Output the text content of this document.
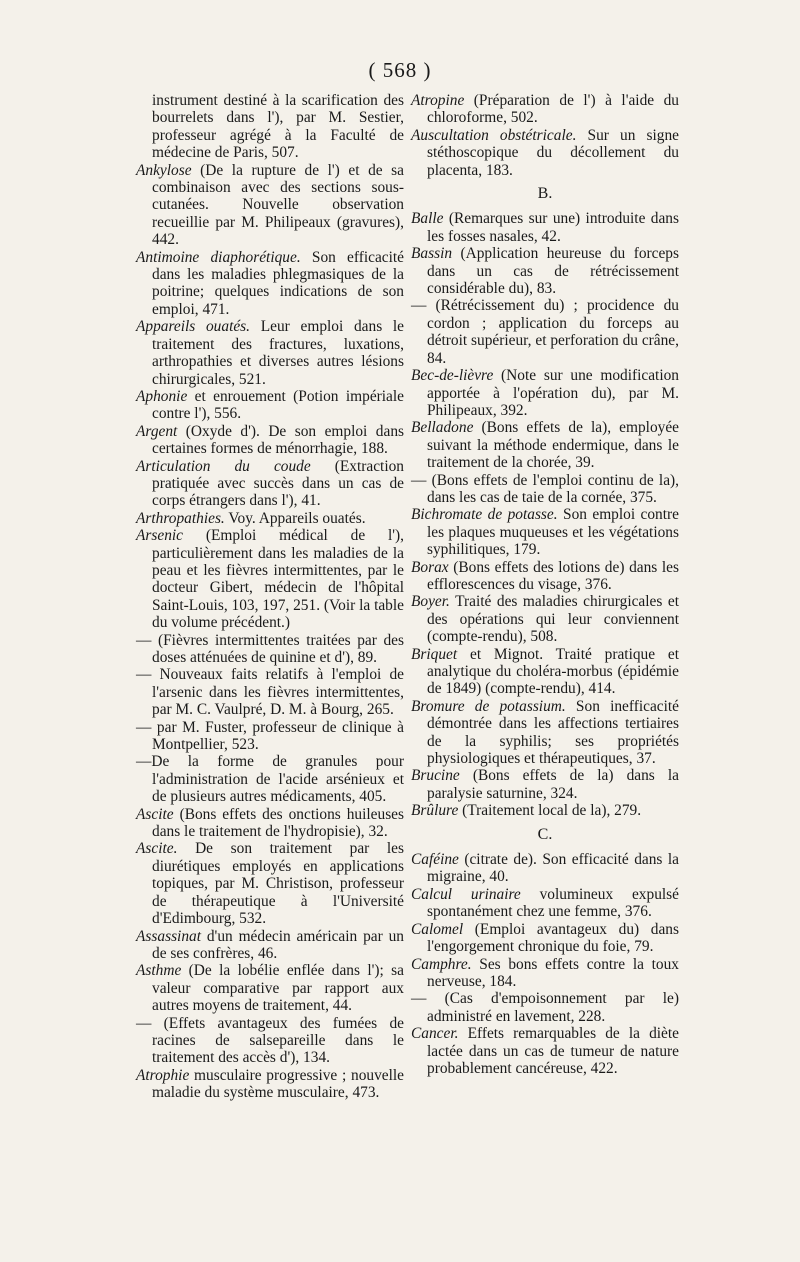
( 568 )
instrument destiné à la scarification des bourrelets dans l'), par M. Sestier, professeur agrégé à la Faculté de médecine de Paris, 507.
Ankylose (De la rupture de l') et de sa combinaison avec des sections sous-cutanées. Nouvelle observation recueillie par M. Philipeaux (gravures), 442.
Antimoine diaphorétique. Son efficacité dans les maladies phlegmasiques de la poitrine; quelques indications de son emploi, 471.
Appareils ouatés. Leur emploi dans le traitement des fractures, luxations, arthropathies et diverses autres lésions chirurgicales, 521.
Aphonie et enrouement (Potion impériale contre l'), 556.
Argent (Oxyde d'). De son emploi dans certaines formes de ménorrhagie, 188.
Articulation du coude (Extraction pratiquée avec succès dans un cas de corps étrangers dans l'), 41.
Arthropathies. Voy. Appareils ouatés.
Arsenic (Emploi médical de l'), particulièrement dans les maladies de la peau et les fièvres intermittentes, par le docteur Gibert, médecin de l'hôpital Saint-Louis, 103, 197, 251. (Voir la table du volume précédent.)
— (Fièvres intermittentes traitées par des doses atténuées de quinine et d'), 89.
— Nouveaux faits relatifs à l'emploi de l'arsenic dans les fièvres intermittentes, par M. C. Vaulpré, D. M. à Bourg, 265.
— par M. Fuster, professeur de clinique à Montpellier, 523.
—De la forme de granules pour l'administration de l'acide arsénieux et de plusieurs autres médicaments, 405.
Ascite (Bons effets des onctions huileuses dans le traitement de l'hydropisie), 32.
Ascite. De son traitement par les diurétiques employés en applications topiques, par M. Christison, professeur de thérapeutique à l'Université d'Edimbourg, 532.
Assassinat d'un médecin américain par un de ses confrères, 46.
Asthme (De la lobélie enflée dans l'); sa valeur comparative par rapport aux autres moyens de traitement, 44.
— (Effets avantageux des fumées de racines de salsepareille dans le traitement des accès d'), 134.
Atrophie musculaire progressive ; nouvelle maladie du système musculaire, 473.
Atropine (Préparation de l') à l'aide du chloroforme, 502.
Auscultation obstétricale. Sur un signe stéthoscopique du décollement du placenta, 183.
B.
Balle (Remarques sur une) introduite dans les fosses nasales, 42.
Bassin (Application heureuse du forceps dans un cas de rétrécissement considérable du), 83.
— (Rétrécissement du) ; procidence du cordon ; application du forceps au détroit supérieur, et perforation du crâne, 84.
Bec-de-lièvre (Note sur une modification apportée à l'opération du), par M. Philipeaux, 392.
Belladone (Bons effets de la), employée suivant la méthode endermique, dans le traitement de la chorée, 39.
— (Bons effets de l'emploi continu de la), dans les cas de taie de la cornée, 375.
Bichromate de potasse. Son emploi contre les plaques muqueuses et les végétations syphilitiques, 179.
Borax (Bons effets des lotions de) dans les efflorescences du visage, 376.
Boyer. Traité des maladies chirurgicales et des opérations qui leur conviennent (compte-rendu), 508.
Briquet et Mignot. Traité pratique et analytique du choléra-morbus (épidémie de 1849) (compte-rendu), 414.
Bromure de potassium. Son inefficacité démontrée dans les affections tertiaires de la syphilis; ses propriétés physiologiques et thérapeutiques, 37.
Brucine (Bons effets de la) dans la paralysie saturnine, 324.
Brûlure (Traitement local de la), 279.
C.
Caféine (citrate de). Son efficacité dans la migraine, 40.
Calcul urinaire volumineux expulsé spontanément chez une femme, 376.
Calomel (Emploi avantageux du) dans l'engorgement chronique du foie, 79.
Camphre. Ses bons effets contre la toux nerveuse, 184.
— (Cas d'empoisonnement par le) administré en lavement, 228.
Cancer. Effets remarquables de la diète lactée dans un cas de tumeur de nature probablement cancéreuse, 422.
